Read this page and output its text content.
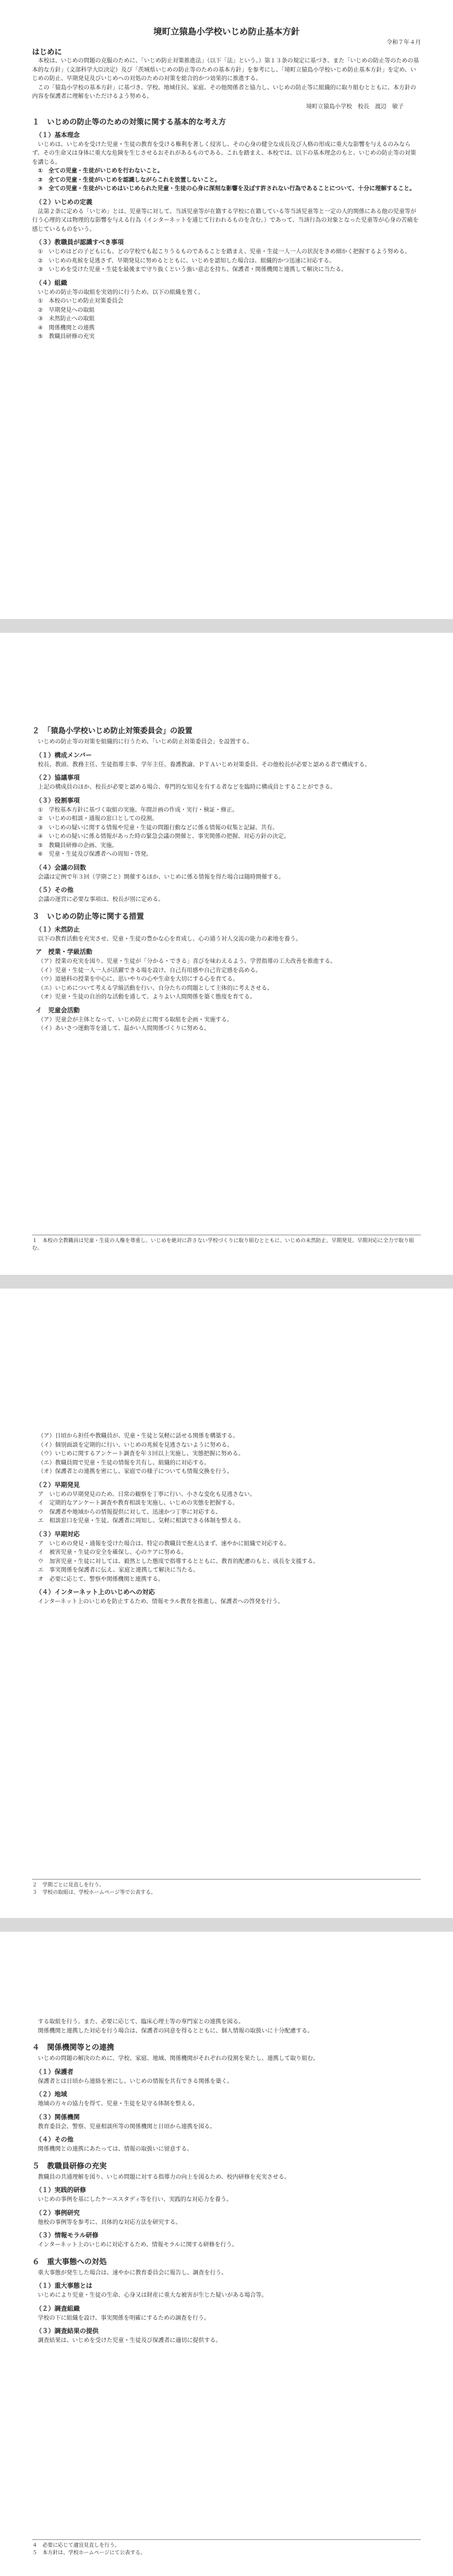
境町立猿島小学校いじめ防止基本方針
令和７年４月
はじめに

本校は、いじめの問題の克服のために、「いじめ防止対策推進法」（以下「法」という。）第１３条の規定に基づき、また「いじめの防止等のための基本的な方針」（文部科学大臣決定）及び「茨城県いじめの防止等のための基本方針」を参考にし、「境町立猿島小学校いじめ防止基本方針」を定め、いじめの防止、早期発見及びいじめへの対処のための対策を総合的かつ効果的に推進する。

この「猿島小学校の基本方針」に基づき、学校、地域住民、家庭、その他関係者と協力し、いじめの防止等に組織的に取り組むとともに、本方針の内容を保護者に理解をいただけるよう努める。

境町立猿島小学校　校長　渡辺　敏子
１　いじめの防止等のための対策に関する基本的な考え方
（１）基本理念

いじめは、いじめを受けた児童・生徒の教育を受ける権利を著しく侵害し、その心身の健全な成長及び人格の形成に重大な影響を与えるのみならず、その生命又は身体に重大な危険を生じさせるおそれがあるものである。これを踏まえ、本校では、以下の基本理念のもと、いじめの防止等の対策を講じる。

①　全ての児童・生徒がいじめを行わないこと。
②　全ての児童・生徒がいじめを認識しながらこれを放置しないこと。
③　全ての児童・生徒がいじめはいじめられた児童・生徒の心身に深刻な影響を及ぼす許されない行為であることについて、十分に理解すること。
（２）いじめの定義

法第２条に定める「いじめ」とは、児童等に対して、当該児童等が在籍する学校に在籍している等当該児童等と一定の人的関係にある他の児童等が行う心理的又は物理的な影響を与える行為（インターネットを通じて行われるものを含む。）であって、当該行為の対象となった児童等が心身の苦痛を感じているものをいう。

（３）教職員が認識すべき事項
①　いじめはどの子どもにも、どの学校でも起こりうるものであることを踏まえ、児童・生徒一人一人の状況をきめ細かく把握するよう努める。
②　いじめの兆候を見逃さず、早期発見に努めるとともに、いじめを認知した場合は、組織的かつ迅速に対応する。
③　いじめを受けた児童・生徒を最後まで守り抜くという強い意志を持ち、保護者・関係機関と連携して解決に当たる。
（４）組織

いじめの防止等の取組を実効的に行うため、以下の組織を置く。

①　本校のいじめ防止対策委員会
②　早期発見への取組
③　未然防止への取組
④　関係機関との連携
⑤　教職員研修の充実
２　「猿島小学校いじめ防止対策委員会」の設置

いじめの防止等の対策を組織的に行うため、「いじめ防止対策委員会」を設置する。

（１）構成メンバー

校長、教頭、教務主任、生徒指導主事、学年主任、養護教諭、ＰＴＡいじめ対策委員、その他校長が必要と認める者で構成する。

（２）協議事項

上記の構成員のほか、校長が必要と認める場合、専門的な知見を有する者などを臨時に構成員とすることができる。

（３）役割事項
①　学校基本方針に基づく取組の実施、年間計画の作成・実行・検証・修正。
②　いじめの相談・通報の窓口としての役割。
③　いじめの疑いに関する情報や児童・生徒の問題行動などに係る情報の収集と記録、共有。
④　いじめの疑いに係る情報があった時の緊急会議の開催と、事実関係の把握、対応方針の決定。
⑤　教職員研修の企画、実施。
⑥　児童・生徒及び保護者への周知・啓発。
（４）会議の回数

会議は定例で年３回（学期ごと）開催するほか、いじめに係る情報を得た場合は随時開催する。

（５）その他

会議の運営に必要な事項は、校長が別に定める。

３　いじめの防止等に関する措置
（１）未然防止

以下の教育活動を充実させ、児童・生徒の豊かな心を育成し、心の通う対人交流の能力の素地を養う。

ア　授業・学級活動
（ア）授業の充実を図り、児童・生徒が「分かる・できる」喜びを味わえるよう、学習指導の工夫改善を推進する。
（イ）児童・生徒一人一人が活躍できる場を設け、自己有用感や自己肯定感を高める。
（ウ）道徳科の授業を中心に、思いやりの心や生命を大切にする心を育てる。
（エ）いじめについて考える学級活動を行い、自分たちの問題として主体的に考えさせる。
（オ）児童・生徒の自治的な活動を通して、よりよい人間関係を築く態度を育てる。
イ　児童会活動
（ア）児童会が主体となって、いじめ防止に関する取組を企画・実施する。
（イ）あいさつ運動等を通して、温かい人間関係づくりに努める。
１　本校の全教職員は児童・生徒の人権を尊重し、いじめを絶対に許さない学校づくりに取り組むとともに、いじめの未然防止、早期発見、早期対応に全力で取り組む。
（ア）日頃から担任や教職員が、児童・生徒と気軽に話せる関係を構築する。
（イ）個別面談を定期的に行い、いじめの兆候を見逃さないように努める。
（ウ）いじめに関するアンケート調査を年３回以上実施し、実態把握に努める。
（エ）教職員間で児童・生徒の情報を共有し、組織的に対応する。
（オ）保護者との連携を密にし、家庭での様子についても情報交換を行う。
（２）早期発見
ア　いじめの早期発見のため、日常の観察を丁寧に行い、小さな変化も見逃さない。
イ　定期的なアンケート調査や教育相談を実施し、いじめの実態を把握する。
ウ　保護者や地域からの情報提供に対して、迅速かつ丁寧に対応する。
エ　相談窓口を児童・生徒、保護者に周知し、気軽に相談できる体制を整える。
（３）早期対応
ア　いじめの発見・通報を受けた場合は、特定の教職員で抱え込まず、速やかに組織で対応する。
イ　被害児童・生徒の安全を確保し、心のケアに努める。
ウ　加害児童・生徒に対しては、毅然とした態度で指導するとともに、教育的配慮のもと、成長を支援する。
エ　事実関係を保護者に伝え、家庭と連携して解決に当たる。
オ　必要に応じて、警察や関係機関と連携する。
（４）インターネット上のいじめへの対応

インターネット上のいじめを防止するため、情報モラル教育を推進し、保護者への啓発を行う。

２　学期ごとに見直しを行う。
３　学校の取組は、学校ホームページ等で公表する。

する取組を行う。また、必要に応じて、臨床心理士等の専門家との連携を図る。

関係機関と連携した対応を行う場合は、保護者の同意を得るとともに、個人情報の取扱いに十分配慮する。

４　関係機関等との連携

いじめの問題の解決のために、学校、家庭、地域、関係機関がそれぞれの役割を果たし、連携して取り組む。

（１）保護者

保護者とは日頃から連絡を密にし、いじめの情報を共有できる関係を築く。

（２）地域

地域の方々の協力を得て、児童・生徒を見守る体制を整える。

（３）関係機関

教育委員会、警察、児童相談所等の関係機関と日頃から連携を図る。

（４）その他

関係機関との連携にあたっては、情報の取扱いに留意する。

５　教職員研修の充実

教職員の共通理解を図り、いじめ問題に対する指導力の向上を図るため、校内研修を充実させる。

（１）実践的研修

いじめの事例を基にしたケーススタディ等を行い、実践的な対応力を養う。

（２）事例研究

他校の事例等を参考に、具体的な対応方法を研究する。

（３）情報モラル研修

インターネット上のいじめに対応するため、情報モラルに関する研修を行う。

６　重大事態への対処

重大事態が発生した場合は、速やかに教育委員会に報告し、調査を行う。

（１）重大事態とは

いじめにより児童・生徒の生命、心身又は財産に重大な被害が生じた疑いがある場合等。

（２）調査組織

学校の下に組織を設け、事実関係を明確にするための調査を行う。

（３）調査結果の提供

調査結果は、いじめを受けた児童・生徒及び保護者に適切に提供する。

４　必要に応じて適宜見直しを行う。
５　本方針は、学校ホームページにて公表する。
